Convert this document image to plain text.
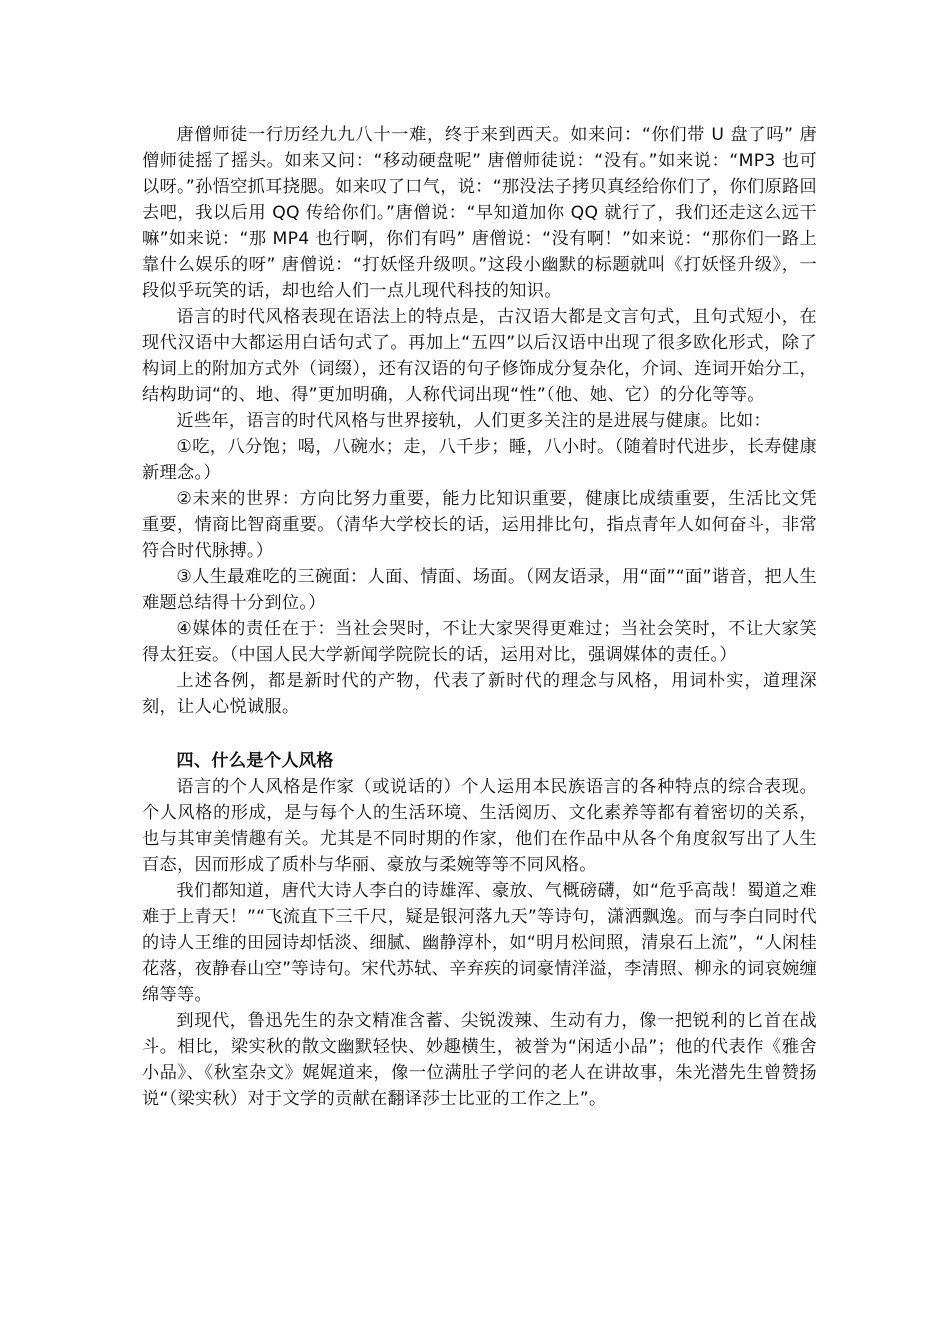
唐僧师徒一行历经九九八十一难，终于来到西天。如来问：“你们带 U 盘了吗” 唐僧师徒摇了摇头。如来又问：“移动硬盘呢” 唐僧师徒说：“没有。”如来说：“MP3 也可以呀。”孙悟空抓耳挠腮。如来叹了口气，说：“那没法子拷贝真经给你们了，你们原路回去吧，我以后用 QQ 传给你们。”唐僧说：“早知道加你 QQ 就行了，我们还走这么远干嘛”如来说：“那 MP4 也行啊，你们有吗” 唐僧说：“没有啊！”如来说：“那你们一路上靠什么娱乐的呀” 唐僧说：“打妖怪升级呗。”这段小幽默的标题就叫《打妖怪升级》，一段似乎玩笑的话，却也给人们一点儿现代科技的知识。

语言的时代风格表现在语法上的特点是，古汉语大都是文言句式，且句式短小，在现代汉语中大都运用白话句式了。再加上“五四”以后汉语中出现了很多欧化形式，除了构词上的附加方式外（词缀），还有汉语的句子修饰成分复杂化，介词、连词开始分工，结构助词“的、地、得”更加明确，人称代词出现“性”（他、她、它）的分化等等。

近些年，语言的时代风格与世界接轨，人们更多关注的是进展与健康。比如：

①吃，八分饱；喝，八碗水；走，八千步；睡，八小时。（随着时代进步，长寿健康新理念。）

②未来的世界：方向比努力重要，能力比知识重要，健康比成绩重要，生活比文凭重要，情商比智商重要。（清华大学校长的话，运用排比句，指点青年人如何奋斗，非常符合时代脉搏。）

③人生最难吃的三碗面：人面、情面、场面。（网友语录，用“面”“面”谐音，把人生难题总结得十分到位。）

④媒体的责任在于：当社会哭时，不让大家哭得更难过；当社会笑时，不让大家笑得太狂妄。（中国人民大学新闻学院院长的话，运用对比，强调媒体的责任。）

上述各例，都是新时代的产物，代表了新时代的理念与风格，用词朴实，道理深刻，让人心悦诚服。

四、什么是个人风格

语言的个人风格是作家（或说话的）个人运用本民族语言的各种特点的综合表现。个人风格的形成，是与每个人的生活环境、生活阅历、文化素养等都有着密切的关系，也与其审美情趣有关。尤其是不同时期的作家，他们在作品中从各个角度叙写出了人生百态，因而形成了质朴与华丽、豪放与柔婉等等不同风格。

我们都知道，唐代大诗人李白的诗雄浑、豪放、气概磅礴，如“危乎高哉！蜀道之难难于上青天！”“飞流直下三千尺，疑是银河落九天”等诗句，潇洒飘逸。而与李白同时代的诗人王维的田园诗却恬淡、细腻、幽静淳朴，如“明月松间照，清泉石上流”，“人闲桂花落，夜静春山空”等诗句。宋代苏轼、辛弃疾的词豪情洋溢，李清照、柳永的词哀婉缠绵等等。

到现代，鲁迅先生的杂文精准含蓄、尖锐泼辣、生动有力，像一把锐利的匕首在战斗。相比，梁实秋的散文幽默轻快、妙趣横生，被誉为“闲适小品”；他的代表作《雅舍小品》、《秋室杂文》娓娓道来，像一位满肚子学问的老人在讲故事，朱光潜先生曾赞扬说“（梁实秋）对于文学的贡献在翻译莎士比亚的工作之上”。
